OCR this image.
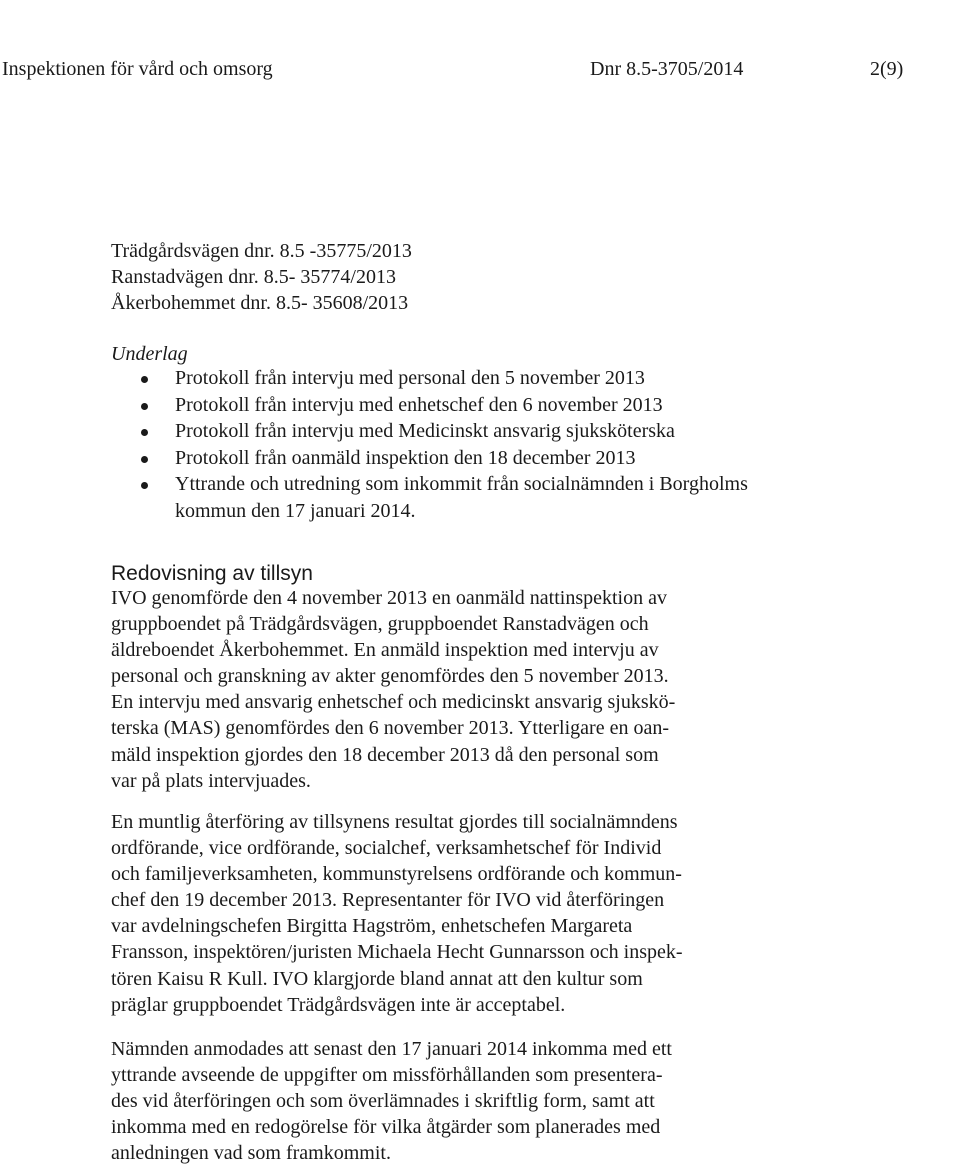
Inspektionen för vård och omsorg	Dnr 8.5-3705/2014	2(9)
Trädgårdsvägen dnr. 8.5 -35775/2013
Ranstadvägen dnr. 8.5- 35774/2013
Åkerbohemmet dnr. 8.5- 35608/2013
Underlag
Protokoll från intervju med personal den 5 november 2013
Protokoll från intervju med enhetschef den 6 november 2013
Protokoll från intervju med Medicinskt ansvarig sjuksköterska
Protokoll från oanmäld inspektion den 18 december 2013
Yttrande och utredning som inkommit från socialnämnden i Borgholms kommun den 17 januari 2014.
Redovisning av tillsyn

IVO genomförde den 4 november 2013 en oanmäld nattinspektion av
gruppboendet på Trädgårdsvägen, gruppboendet Ranstadvägen och
äldreboendet Åkerbohemmet. En anmäld inspektion med intervju av
personal och granskning av akter genomfördes den 5 november 2013.
En intervju med ansvarig enhetschef och medicinskt ansvarig sjukskö-
terska (MAS) genomfördes den 6 november 2013. Ytterligare en oan-
mäld inspektion gjordes den 18 december 2013 då den personal som
var på plats intervjuades.

En muntlig återföring av tillsynens resultat gjordes till socialnämndens
ordförande, vice ordförande, socialchef, verksamhetschef för Individ
och familjeverksamheten, kommunstyrelsens ordförande och kommun-
chef den 19 december 2013. Representanter för IVO vid återföringen
var avdelningschefen Birgitta Hagström, enhetschefen Margareta
Fransson, inspektören/juristen Michaela Hecht Gunnarsson och inspek-
tören Kaisu R Kull. IVO klargjorde bland annat att den kultur som
präglar gruppboendet Trädgårdsvägen inte är acceptabel.

Nämnden anmodades att senast den 17 januari 2014 inkomma med ett
yttrande avseende de uppgifter om missförhållanden som presentera-
des vid återföringen och som överlämnades i skriftlig form, samt att
inkomma med en redogörelse för vilka åtgärder som planerades med
anledningen vad som framkommit.
